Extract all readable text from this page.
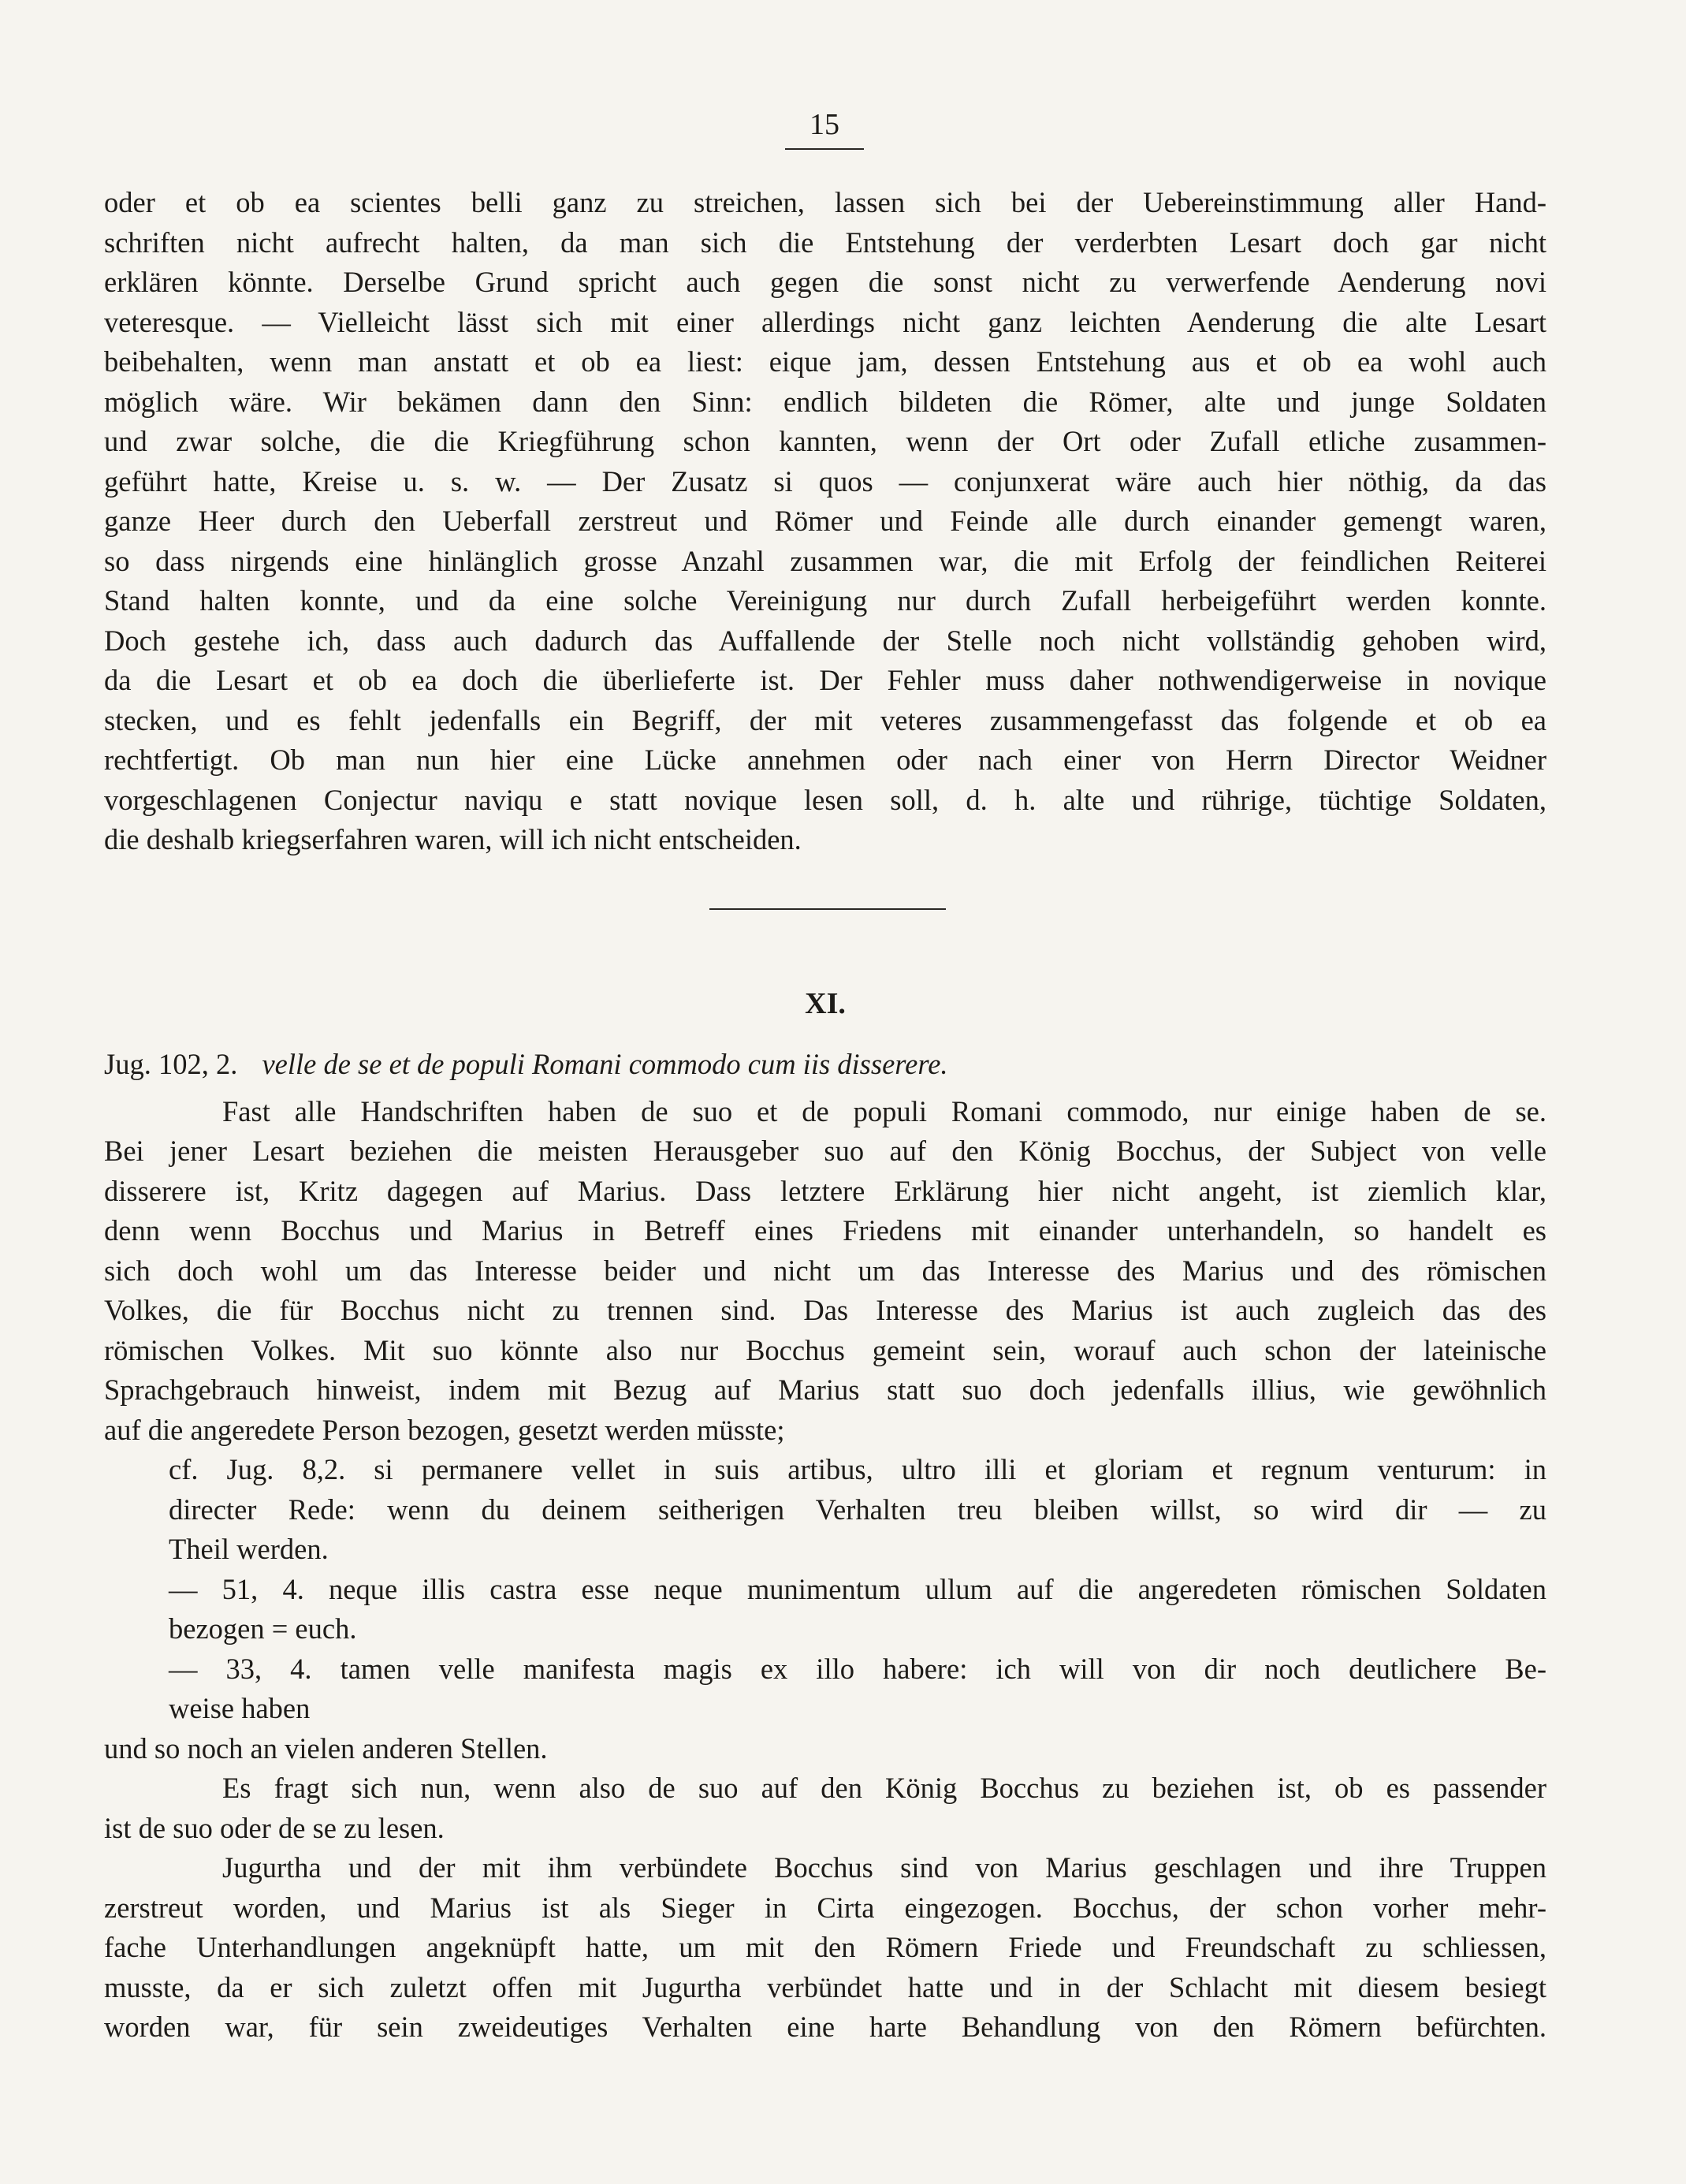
15
oder et ob ea scientes belli ganz zu streichen, lassen sich bei der Uebereinstimmung aller Hand-
schriften nicht aufrecht halten, da man sich die Entstehung der verderbten Lesart doch gar nicht
erklären könnte. Derselbe Grund spricht auch gegen die sonst nicht zu verwerfende Aenderung novi
veteresque. — Vielleicht lässt sich mit einer allerdings nicht ganz leichten Aenderung die alte Lesart
beibehalten, wenn man anstatt et ob ea liest: eique jam, dessen Entstehung aus et ob ea wohl auch
möglich wäre. Wir bekämen dann den Sinn: endlich bildeten die Römer, alte und junge Soldaten
und zwar solche, die die Kriegführung schon kannten, wenn der Ort oder Zufall etliche zusammen-
geführt hatte, Kreise u. s. w. — Der Zusatz si quos — conjunxerat wäre auch hier nöthig, da das
ganze Heer durch den Ueberfall zerstreut und Römer und Feinde alle durch einander gemengt waren,
so dass nirgends eine hinlänglich grosse Anzahl zusammen war, die mit Erfolg der feindlichen Reiterei
Stand halten konnte, und da eine solche Vereinigung nur durch Zufall herbeigeführt werden konnte.
Doch gestehe ich, dass auch dadurch das Auffallende der Stelle noch nicht vollständig gehoben wird,
da die Lesart et ob ea doch die überlieferte ist. Der Fehler muss daher nothwendigerweise in novique
stecken, und es fehlt jedenfalls ein Begriff, der mit veteres zusammengefasst das folgende et ob ea
rechtfertigt. Ob man nun hier eine Lücke annehmen oder nach einer von Herrn Director Weidner
vorgeschlagenen Conjectur naviqu e statt novique lesen soll, d. h. alte und rührige, tüchtige Soldaten,
die deshalb kriegserfahren waren, will ich nicht entscheiden.
XI.
Jug. 102, 2. velle de se et de populi Romani commodo cum iis disserere.
Fast alle Handschriften haben de suo et de populi Romani commodo, nur einige haben de se.
Bei jener Lesart beziehen die meisten Herausgeber suo auf den König Bocchus, der Subject von velle
disserere ist, Kritz dagegen auf Marius. Dass letztere Erklärung hier nicht angeht, ist ziemlich klar,
denn wenn Bocchus und Marius in Betreff eines Friedens mit einander unterhandeln, so handelt es
sich doch wohl um das Interesse beider und nicht um das Interesse des Marius und des römischen
Volkes, die für Bocchus nicht zu trennen sind. Das Interesse des Marius ist auch zugleich das des
römischen Volkes. Mit suo könnte also nur Bocchus gemeint sein, worauf auch schon der lateinische
Sprachgebrauch hinweist, indem mit Bezug auf Marius statt suo doch jedenfalls illius, wie gewöhnlich
auf die angeredete Person bezogen, gesetzt werden müsste;
cf. Jug. 8,2. si permanere vellet in suis artibus, ultro illi et gloriam et regnum venturum: in
directer Rede: wenn du deinem seitherigen Verhalten treu bleiben willst, so wird dir — zu
Theil werden.
— 51, 4. neque illis castra esse neque munimentum ullum auf die angeredeten römischen Soldaten
bezogen = euch.
— 33, 4. tamen velle manifesta magis ex illo habere: ich will von dir noch deutlichere Be-
weise haben
und so noch an vielen anderen Stellen.
Es fragt sich nun, wenn also de suo auf den König Bocchus zu beziehen ist, ob es passender
ist de suo oder de se zu lesen.
Jugurtha und der mit ihm verbündete Bocchus sind von Marius geschlagen und ihre Truppen
zerstreut worden, und Marius ist als Sieger in Cirta eingezogen. Bocchus, der schon vorher mehr-
fache Unterhandlungen angeknüpft hatte, um mit den Römern Friede und Freundschaft zu schliessen,
musste, da er sich zuletzt offen mit Jugurtha verbündet hatte und in der Schlacht mit diesem besiegt
worden war, für sein zweideutiges Verhalten eine harte Behandlung von den Römern befürchten.
